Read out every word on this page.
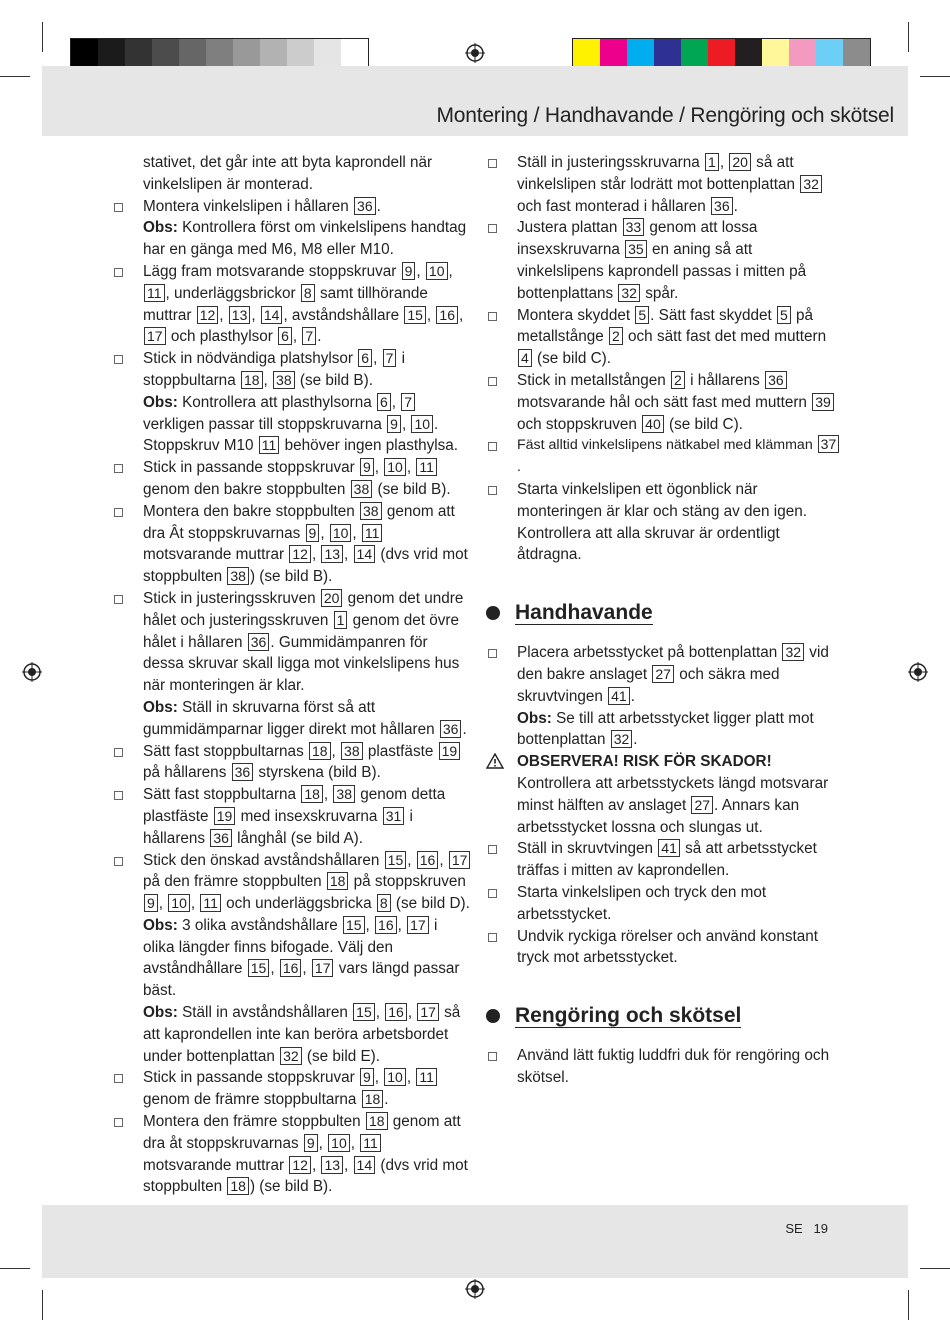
Montering / Handhavande / Rengöring och skötsel

stativet, det går inte att byta kaprondell när vinkelslipen är monterad.

Montera vinkelslipen i hållaren 36 .
Obs: Kontrollera först om vinkelslipens handtag har en gänga med M6, M8 eller M10.

Lägg fram motsvarande stoppskruvar 9 , 10 , 11 , underläggsbrickor 8 samt tillhörande muttrar 12 , 13 , 14 , avståndshållare 15 , 16 , 17 och plasthylsor 6 , 7 .

Stick in nödvändiga platshylsor 6 , 7 i stoppbultarna 18 , 38 (se bild B).
Obs: Kontrollera att plasthylsorna 6 , 7 verkligen passar till stoppskruvarna 9 , 10 . Stoppskruv M10 11 behöver ingen plasthylsa.

Stick in passande stoppskruvar 9 , 10 , 11 genom den bakre stoppbulten 38 (se bild B).

Montera den bakre stoppbulten 38 genom att dra Ât stoppskruvarnas 9 , 10 , 11 motsvarande muttrar 12 , 13 , 14 (dvs vrid mot stoppbulten 38 ) (se bild B).

Stick in justeringsskruven 20 genom det undre hålet och justeringsskruven 1 genom det övre hålet i hållaren 36 . Gummidämpanren för dessa skruvar skall ligga mot vinkelslipens hus när monteringen är klar.
Obs: Ställ in skruvarna först så att gummidämparnar ligger direkt mot hållaren 36 .

Sätt fast stoppbultarnas 18 , 38 plastfäste 19 på hållarens 36 styrskena (bild B).

Sätt fast stoppbultarna 18 , 38 genom detta plastfäste 19 med insexskruvarna 31 i hållarens 36 långhål (se bild A).

Stick den önskad avståndshållaren 15 , 16 , 17 på den främre stoppbulten 18 på stoppskruven 9 , 10 , 11 och underläggsbricka 8 (se bild D).
Obs: 3 olika avståndshållare 15 , 16 , 17 i olika längder finns bifogade. Välj den avståndhållare 15 , 16 , 17 vars längd passar bäst.
Obs: Ställ in avståndshållaren 15 , 16 , 17 så att kaprondellen inte kan beröra arbetsbordet under bottenplattan 32 (se bild E).

Stick in passande stoppskruvar 9 , 10 , 11 genom de främre stoppbultarna 18 .

Montera den främre stoppbulten 18 genom att dra åt stoppskruvarnas 9 , 10 , 11 motsvarande muttrar 12 , 13 , 14 (dvs vrid mot stoppbulten 18 ) (se bild B).

Ställ in justeringsskruvarna 1 , 20 så att vinkelslipen står lodrätt mot bottenplattan 32 och fast monterad i hållaren 36 .

Justera plattan 33 genom att lossa insexskruvarna 35 en aning så att vinkelslipens kaprondell passas i mitten på bottenplattans 32 spår.

Montera skyddet 5 . Sätt fast skyddet 5 på metallstånge 2 och sätt fast det med muttern 4 (se bild C).

Stick in metallstången 2 i hållarens 36 motsvarande hål och sätt fast med muttern 39 och stoppskruven 40 (se bild C).

Fäst alltid vinkelslipens nätkabel med klämman 37.

Starta vinkelslipen ett ögonblick när monteringen är klar och stäng av den igen. Kontrollera att alla skruvar är ordentligt åtdragna.

Handhavande

Placera arbetsstycket på bottenplattan 32 vid den bakre anslaget 27 och säkra med skruvtvingen 41 .
Obs: Se till att arbetsstycket ligger platt mot bottenplattan 32 .

OBSERVERA! RISK FÖR SKADOR! Kontrollera att arbetsstyckets längd motsvarar minst hälften av anslaget 27 . Annars kan arbetsstycket lossna och slungas ut.

Ställ in skruvtvingen 41 så att arbetsstycket träffas i mitten av kaprondellen.

Starta vinkelslipen och tryck den mot arbetsstycket.

Undvik ryckiga rörelser och använd konstant tryck mot arbetsstycket.

Rengöring och skötsel

Använd lätt fuktig luddfri duk för rengöring och skötsel.

SE 19
